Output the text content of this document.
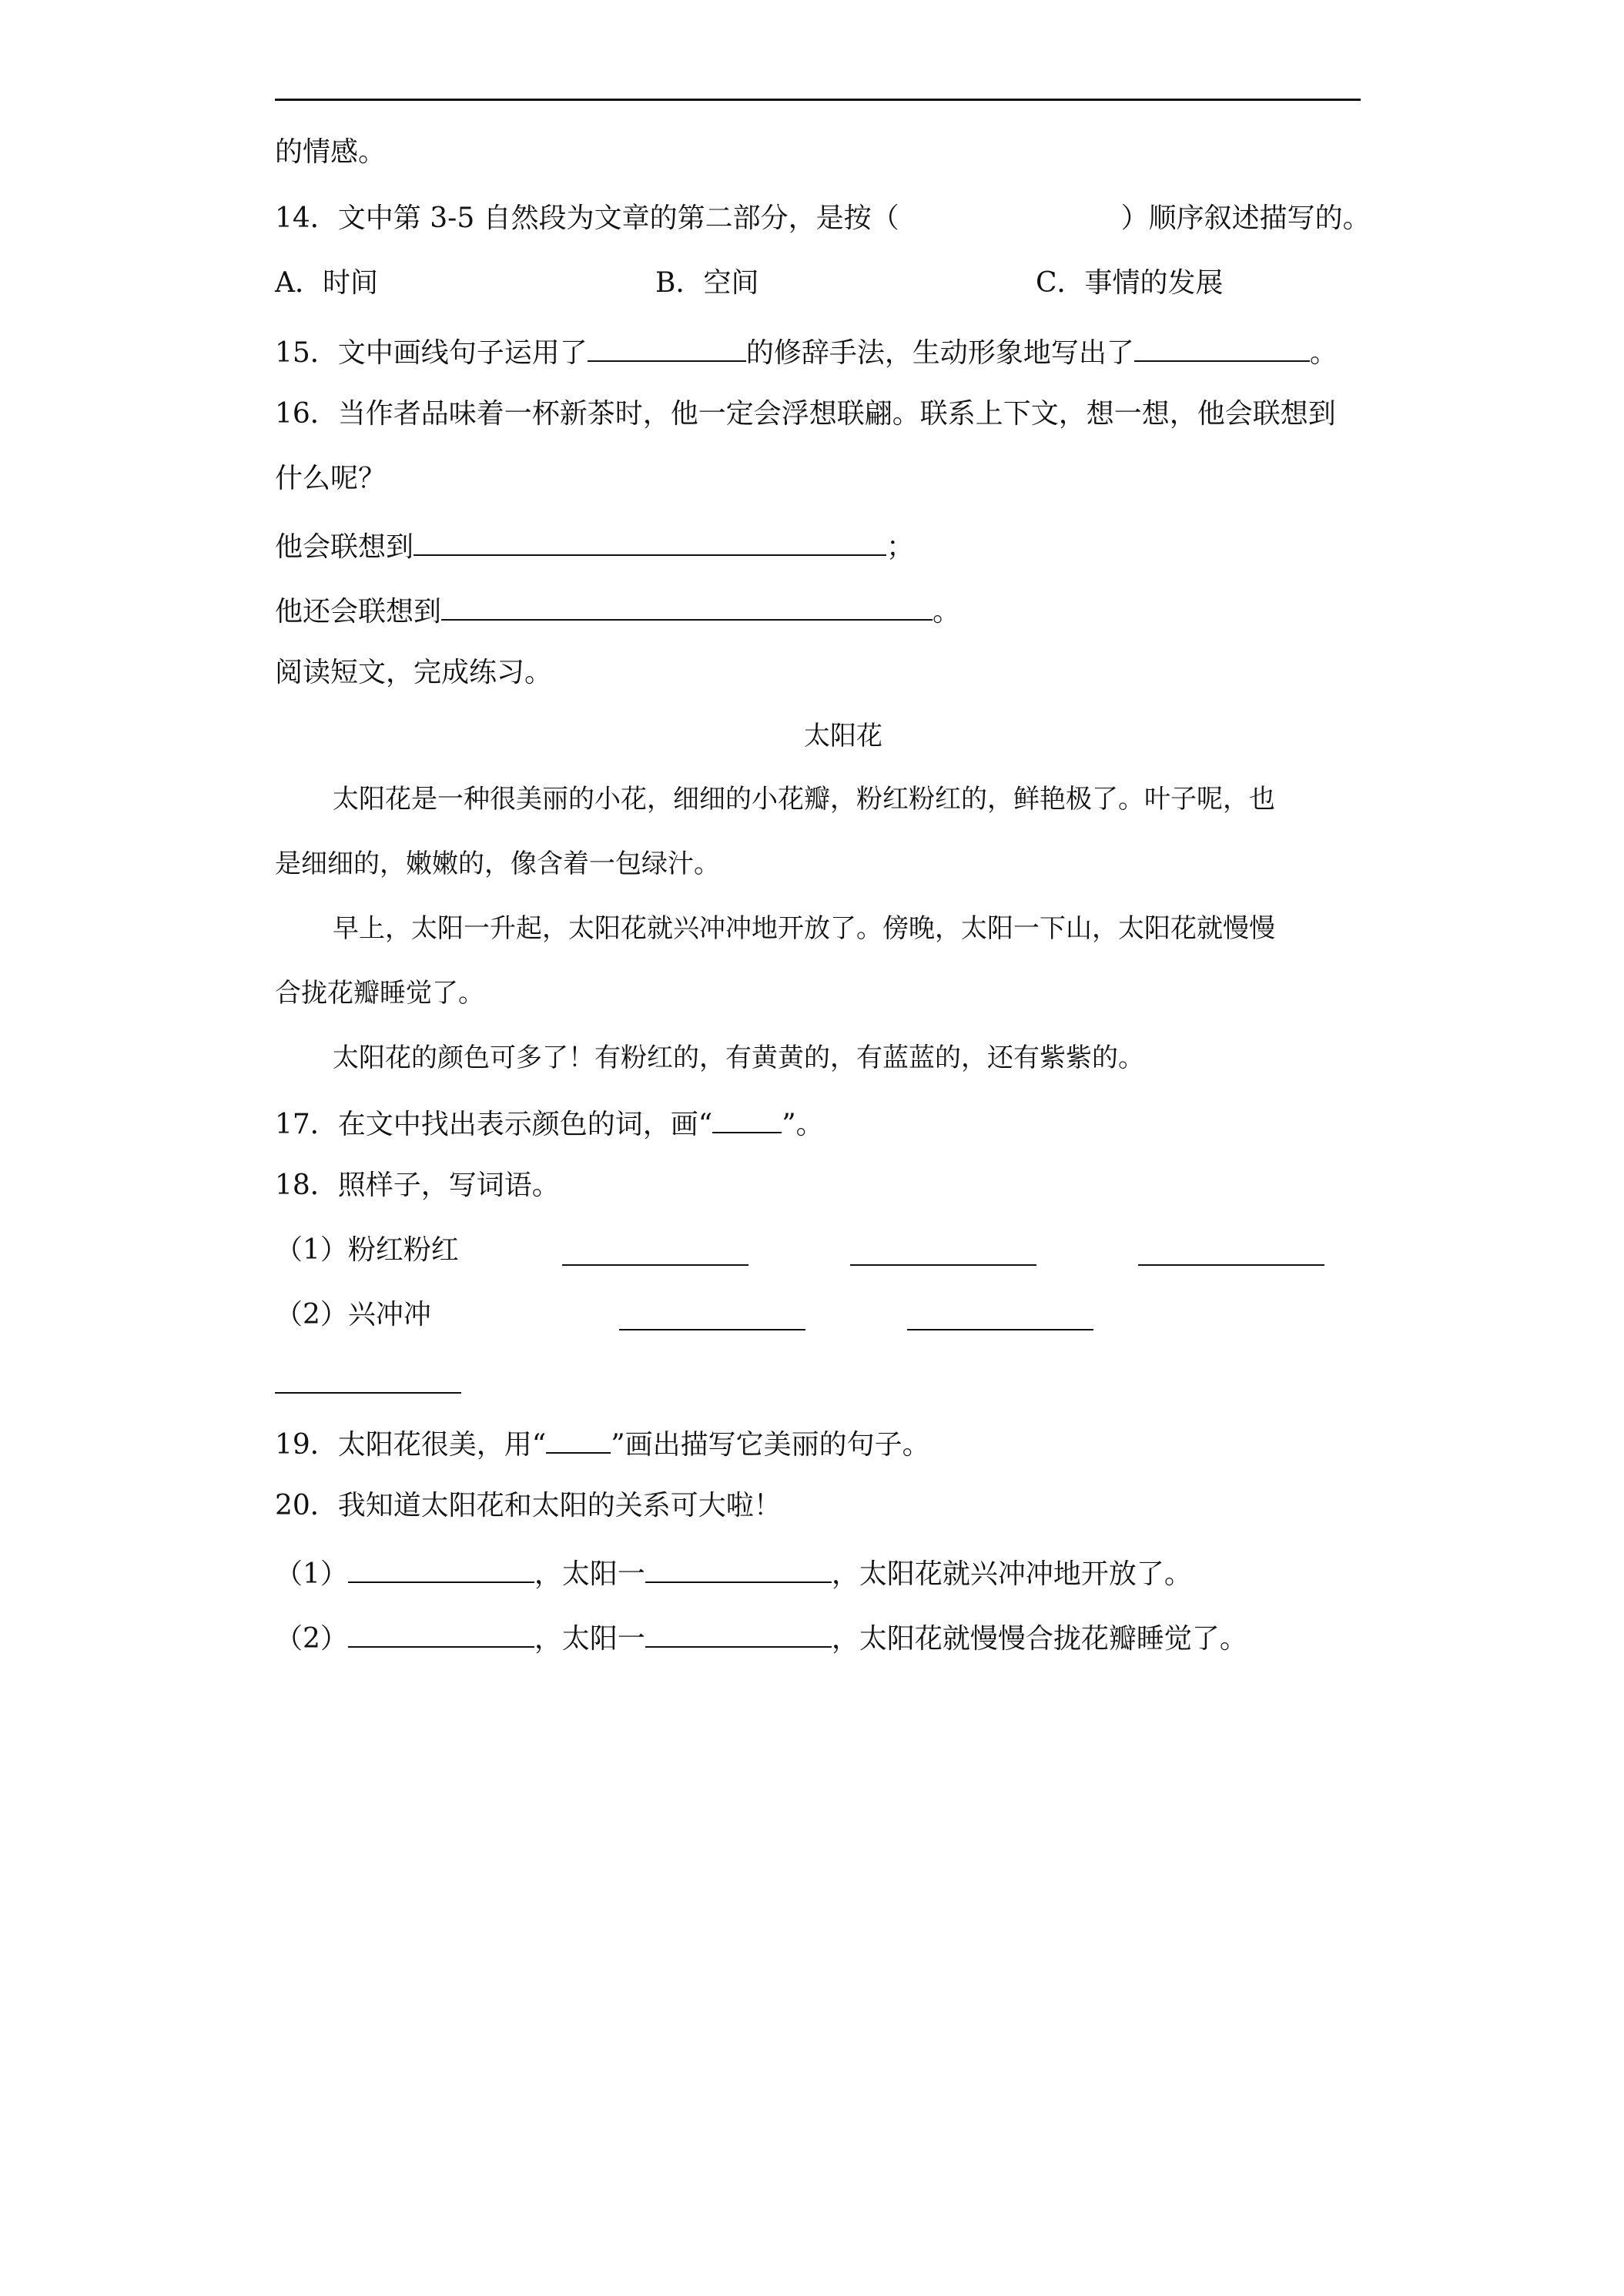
的情感。
14．文中第 3-5 自然段为文章的第二部分，是按（	）顺序叙述描写的。
A．时间	B．空间	C．事情的发展
15．文中画线句子运用了	的修辞手法，生动形象地写出了	。
16．当作者品味着一杯新茶时，他一定会浮想联翩。联系上下文，想一想，他会联想到
什么呢？
他会联想到	；
他还会联想到	。
阅读短文，完成练习。
太阳花
太阳花是一种很美丽的小花，细细的小花瓣，粉红粉红的，鲜艳极了。叶子呢，也
是细细的，嫩嫩的，像含着一包绿汁。
早上，太阳一升起，太阳花就兴冲冲地开放了。傍晚，太阳一下山，太阳花就慢慢
合拢花瓣睡觉了。
太阳花的颜色可多了！有粉红的，有黄黄的，有蓝蓝的，还有紫紫的。
17．在文中找出表示颜色的词，画“	”。
18．照样子，写词语。
（1）粉红粉红
（2）兴冲冲
19．太阳花很美，用“ ”画出描写它美丽的句子。
20．我知道太阳花和太阳的关系可大啦！
（1）	，太阳一	，太阳花就兴冲冲地开放了。
（2）	，太阳一	，太阳花就慢慢合拢花瓣睡觉了。
